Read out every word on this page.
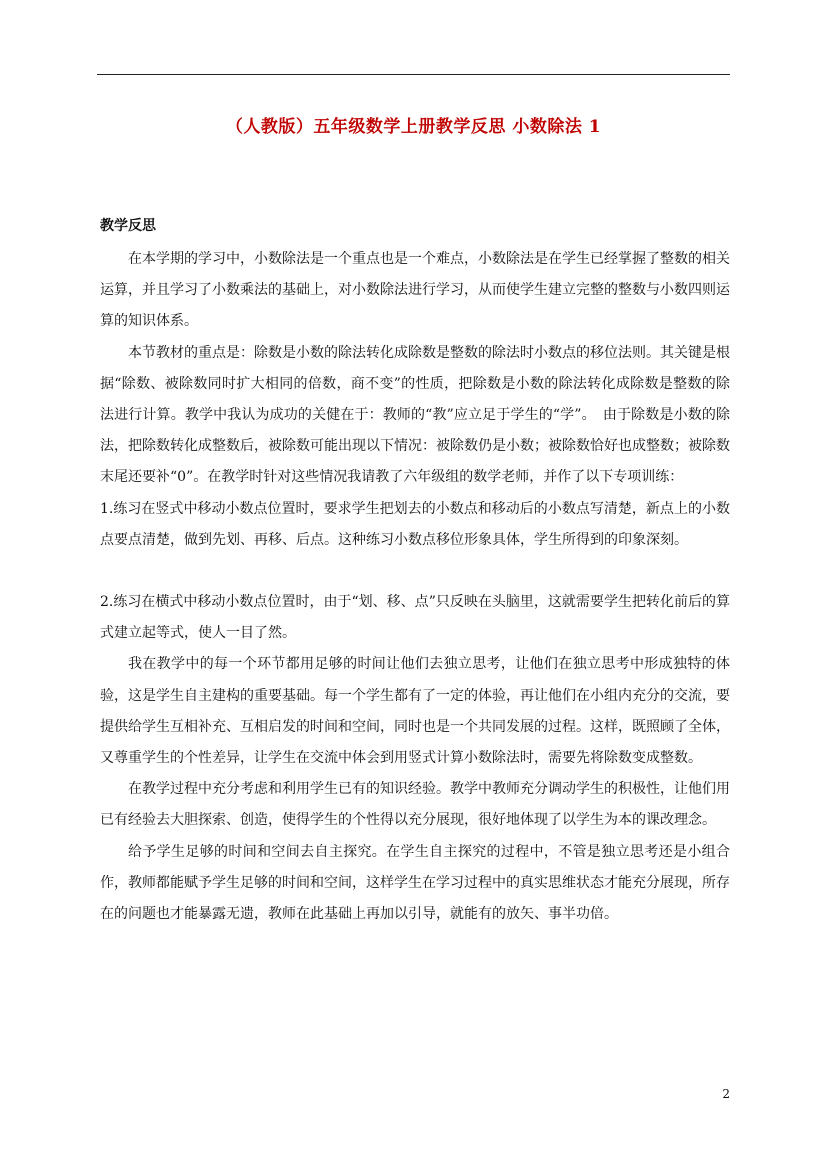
（人教版）五年级数学上册教学反思 小数除法 1
教学反思

在本学期的学习中，小数除法是一个重点也是一个难点，小数除法是在学生已经掌握了整数的相关运算，并且学习了小数乘法的基础上，对小数除法进行学习，从而使学生建立完整的整数与小数四则运算的知识体系。

本节教材的重点是：除数是小数的除法转化成除数是整数的除法时小数点的移位法则。其关键是根据“除数、被除数同时扩大相同的倍数，商不变”的性质，把除数是小数的除法转化成除数是整数的除法进行计算。教学中我认为成功的关健在于：教师的“教”应立足于学生的“学”。　由于除数是小数的除法，把除数转化成整数后，被除数可能出现以下情况：被除数仍是小数；被除数恰好也成整数；被除数末尾还要补“0”。在教学时针对这些情况我请教了六年级组的数学老师，并作了以下专项训练：

1.练习在竖式中移动小数点位置时，要求学生把划去的小数点和移动后的小数点写清楚，新点上的小数点要点清楚，做到先划、再移、后点。这种练习小数点移位形象具体，学生所得到的印象深刻。

2.练习在横式中移动小数点位置时，由于“划、移、点”只反映在头脑里，这就需要学生把转化前后的算式建立起等式，使人一目了然。

我在教学中的每一个环节都用足够的时间让他们去独立思考，让他们在独立思考中形成独特的体验，这是学生自主建构的重要基础。每一个学生都有了一定的体验，再让他们在小组内充分的交流，要提供给学生互相补充、互相启发的时间和空间，同时也是一个共同发展的过程。这样，既照顾了全体，又尊重学生的个性差异，让学生在交流中体会到用竖式计算小数除法时，需要先将除数变成整数。

在教学过程中充分考虑和利用学生已有的知识经验。教学中教师充分调动学生的积极性，让他们用已有经验去大胆探索、创造，使得学生的个性得以充分展现，很好地体现了以学生为本的课改理念。

给予学生足够的时间和空间去自主探究。在学生自主探究的过程中，不管是独立思考还是小组合作，教师都能赋予学生足够的时间和空间，这样学生在学习过程中的真实思维状态才能充分展现，所存在的问题也才能暴露无遗，教师在此基础上再加以引导，就能有的放矢、事半功倍。

2
